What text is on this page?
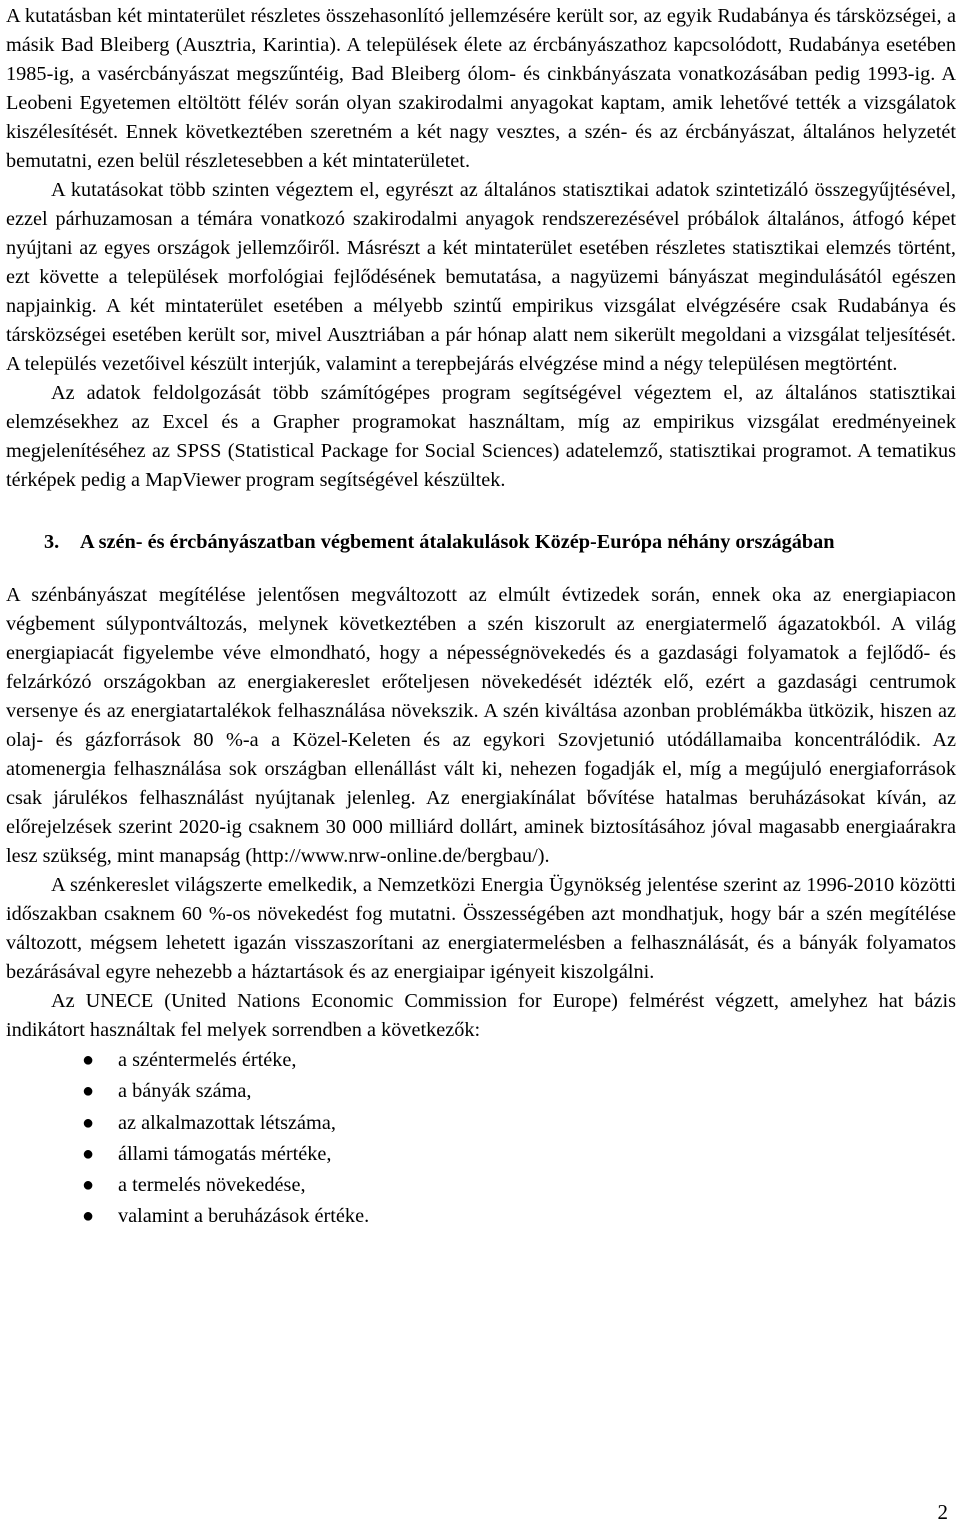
A kutatásban két mintaterület részletes összehasonlító jellemzésére került sor, az egyik Rudabánya és társközségei, a másik Bad Bleiberg (Ausztria, Karintia). A települések élete az ércbányászathoz kapcsolódott, Rudabánya esetében 1985-ig, a vasércbányászat megszűntéig, Bad Bleiberg ólom- és cinkbányászata vonatkozásában pedig 1993-ig. A Leobeni Egyetemen eltöltött félév során olyan szakirodalmi anyagokat kaptam, amik lehetővé tették a vizsgálatok kiszélesítését. Ennek következtében szeretném a két nagy vesztes, a szén- és az ércbányászat, általános helyzetét bemutatni, ezen belül részletesebben a két mintaterületet.

A kutatásokat több szinten végeztem el, egyrészt az általános statisztikai adatok szintetizáló összegyűjtésével, ezzel párhuzamosan a témára vonatkozó szakirodalmi anyagok rendszerezésével próbálok általános, átfogó képet nyújtani az egyes országok jellemzőiről. Másrészt a két mintaterület esetében részletes statisztikai elemzés történt, ezt követte a települések morfológiai fejlődésének bemutatása, a nagyüzemi bányászat megindulásától egészen napjainkig. A két mintaterület esetében a mélyebb szintű empirikus vizsgálat elvégzésére csak Rudabánya és társközségei esetében került sor, mivel Ausztriában a pár hónap alatt nem sikerült megoldani a vizsgálat teljesítését. A település vezetőivel készült interjúk, valamint a terepbejárás elvégzése mind a négy településen megtörtént.

Az adatok feldolgozását több számítógépes program segítségével végeztem el, az általános statisztikai elemzésekhez az Excel és a Grapher programokat használtam, míg az empirikus vizsgálat eredményeinek megjelenítéséhez az SPSS (Statistical Package for Social Sciences) adatelemző, statisztikai programot. A tematikus térképek pedig a MapViewer program segítségével készültek.

3.	A szén- és ércbányászatban végbement átalakulások Közép-Európa néhány országában

A szénbányászat megítélése jelentősen megváltozott az elmúlt évtizedek során, ennek oka az energiapiacon végbement súlypontváltozás, melynek következtében a szén kiszorult az energiatermelő ágazatokból. A világ energiapiacát figyelembe véve elmondható, hogy a népességnövekedés és a gazdasági folyamatok a fejlődő- és felzárkózó országokban az energiakereslet erőteljesen növekedését idézték elő, ezért a gazdasági centrumok versenye és az energiatartalékok felhasználása növekszik. A szén kiváltása azonban problémákba ütközik, hiszen az olaj- és gázforrások 80 %-a a Közel-Keleten és az egykori Szovjetunió utódállamaiba koncentrálódik. Az atomenergia felhasználása sok országban ellenállást vált ki, nehezen fogadják el, míg a megújuló energiaforrások csak járulékos felhasználást nyújtanak jelenleg. Az energiakínálat bővítése hatalmas beruházásokat kíván, az előrejelzések szerint 2020-ig csaknem 30 000 milliárd dollárt, aminek biztosításához jóval magasabb energiaárakra lesz szükség, mint manapság (http://www.nrw-online.de/bergbau/).

A szénkereslet világszerte emelkedik, a Nemzetközi Energia Ügynökség jelentése szerint az 1996-2010 közötti időszakban csaknem 60 %-os növekedést fog mutatni. Összességében azt mondhatjuk, hogy bár a szén megítélése változott, mégsem lehetett igazán visszaszorítani az energiatermelésben a felhasználását, és a bányák folyamatos bezárásával egyre nehezebb a háztartások és az energiaipar igényeit kiszolgálni.

Az UNECE (United Nations Economic Commission for Europe) felmérést végzett, amelyhez hat bázis indikátort használtak fel melyek sorrendben a következők:

●	a széntermelés értéke,
●	a bányák száma,
●	az alkalmazottak létszáma,
●	állami támogatás mértéke,
●	a termelés növekedése,
●	valamint a beruházások értéke.
2
